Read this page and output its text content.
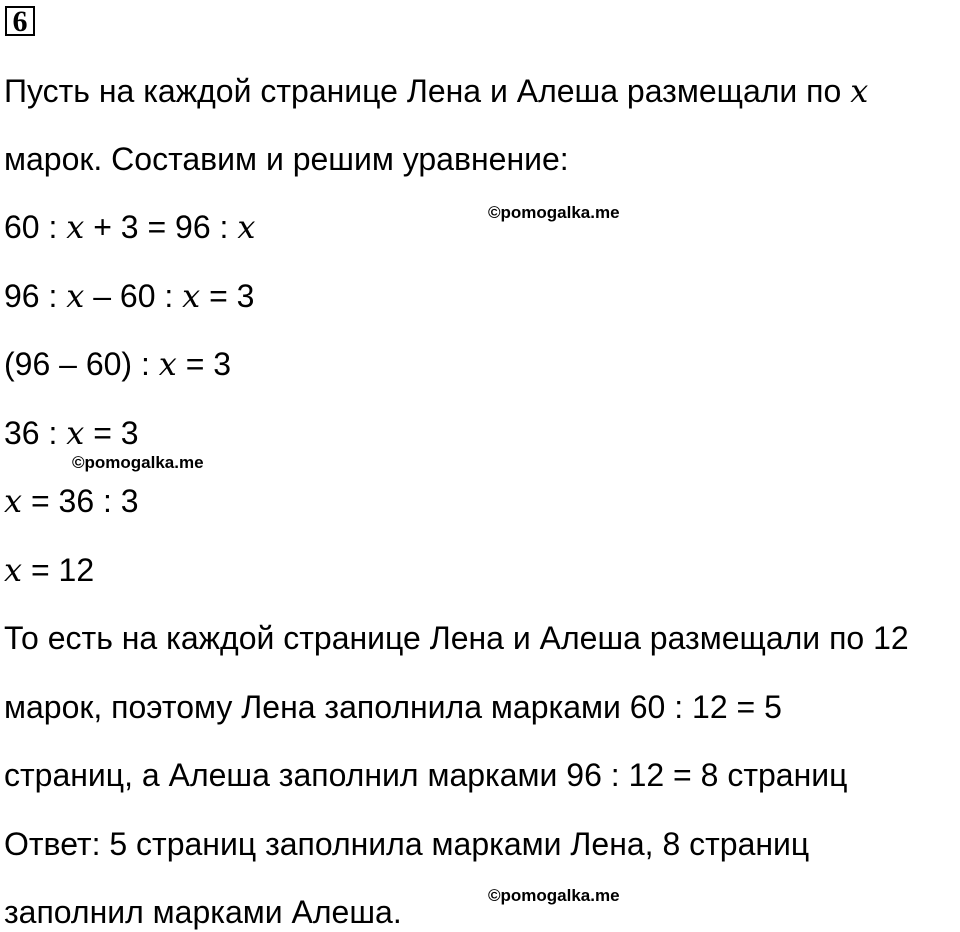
6
Пусть на каждой странице Лена и Алеша размещали по x
марок. Составим и решим уравнение:
60 : x + 3 = 96 : x
96 : x – 60 : x = 3
(96 – 60) : x = 3
36 : x = 3
x = 36 : 3
x = 12
То есть на каждой странице Лена и Алеша размещали по 12
марок, поэтому Лена заполнила марками 60 : 12 = 5
страниц, а Алеша заполнил марками 96 : 12 = 8 страниц
Ответ: 5 страниц заполнила марками Лена, 8 страниц
заполнил марками Алеша.
©pomogalka.me
©pomogalka.me
©pomogalka.me
